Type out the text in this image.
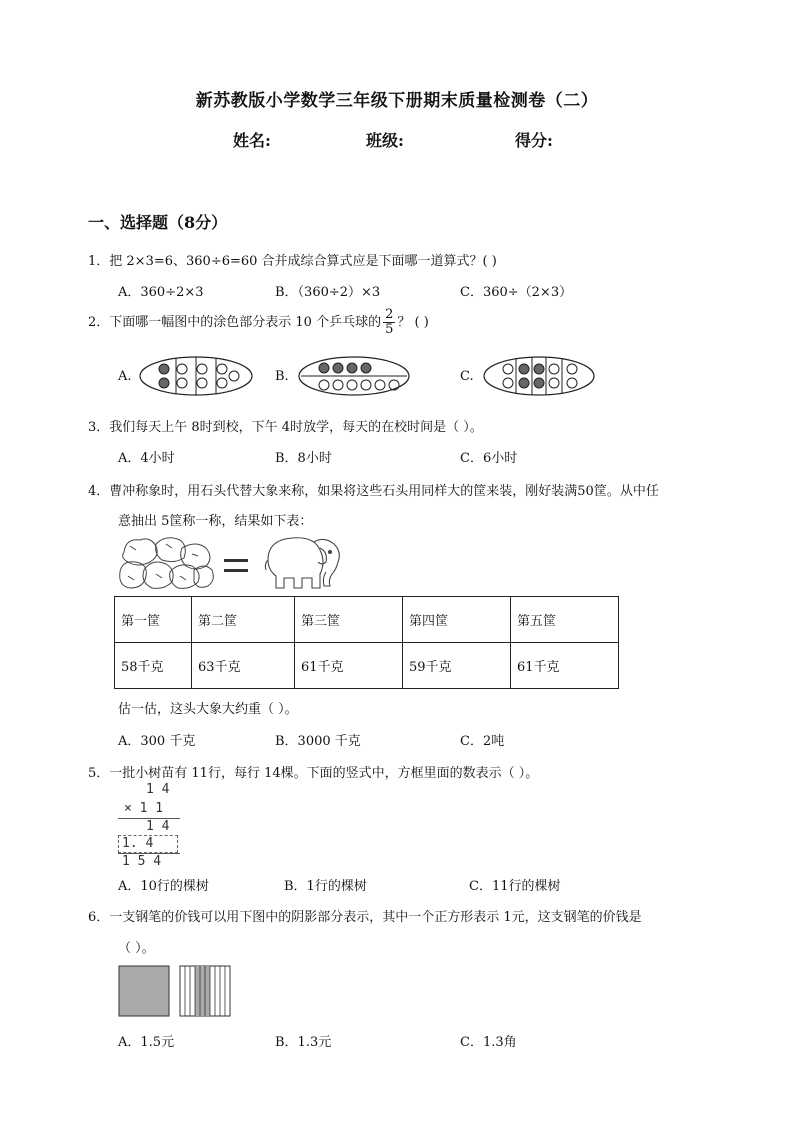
新苏教版小学数学三年级下册期末质量检测卷（二）
姓名:	班级:	得分:
一、选择题（8分）
1．把 2×3=6、360÷6=60 合并成综合算式应是下面哪一道算式？( )
A．360÷2×3	B．（360÷2）×3	C．360÷（2×3）
2．下面哪一幅图中的涂色部分表示 10 个乒乓球的 $\frac{2}{5}$ ？ ( )
A.	B.	C.
3．我们每天上午 8时到校，下午 4时放学，每天的在校时间是（ ）。
A．4小时	B．8小时	C．6小时
4．曹冲称象时，用石头代替大象来称，如果将这些石头用同样大的筐来装，刚好装满50筐。从中任
意抽出 5筐称一称，结果如下表：
第一筐	第二筐	第三筐	第四筐	第五筐
58千克	63千克	61千克	59千克	61千克
估一估，这头大象大约重（ ）。
A．300 千克	B．3000 千克	C．2吨
5．一批小树苗有 11行，每行 14棵。下面的竖式中，方框里面的数表示（ ）。
1 4
× 1 1
1 4
1. 4
1 5 4
A．10行的棵树	B．1行的棵树	C．11行的棵树
6．一支钢笔的价钱可以用下图中的阴影部分表示，其中一个正方形表示 1元，这支钢笔的价钱是
（ ）。
A．1.5元	B．1.3元	C．1.3角
